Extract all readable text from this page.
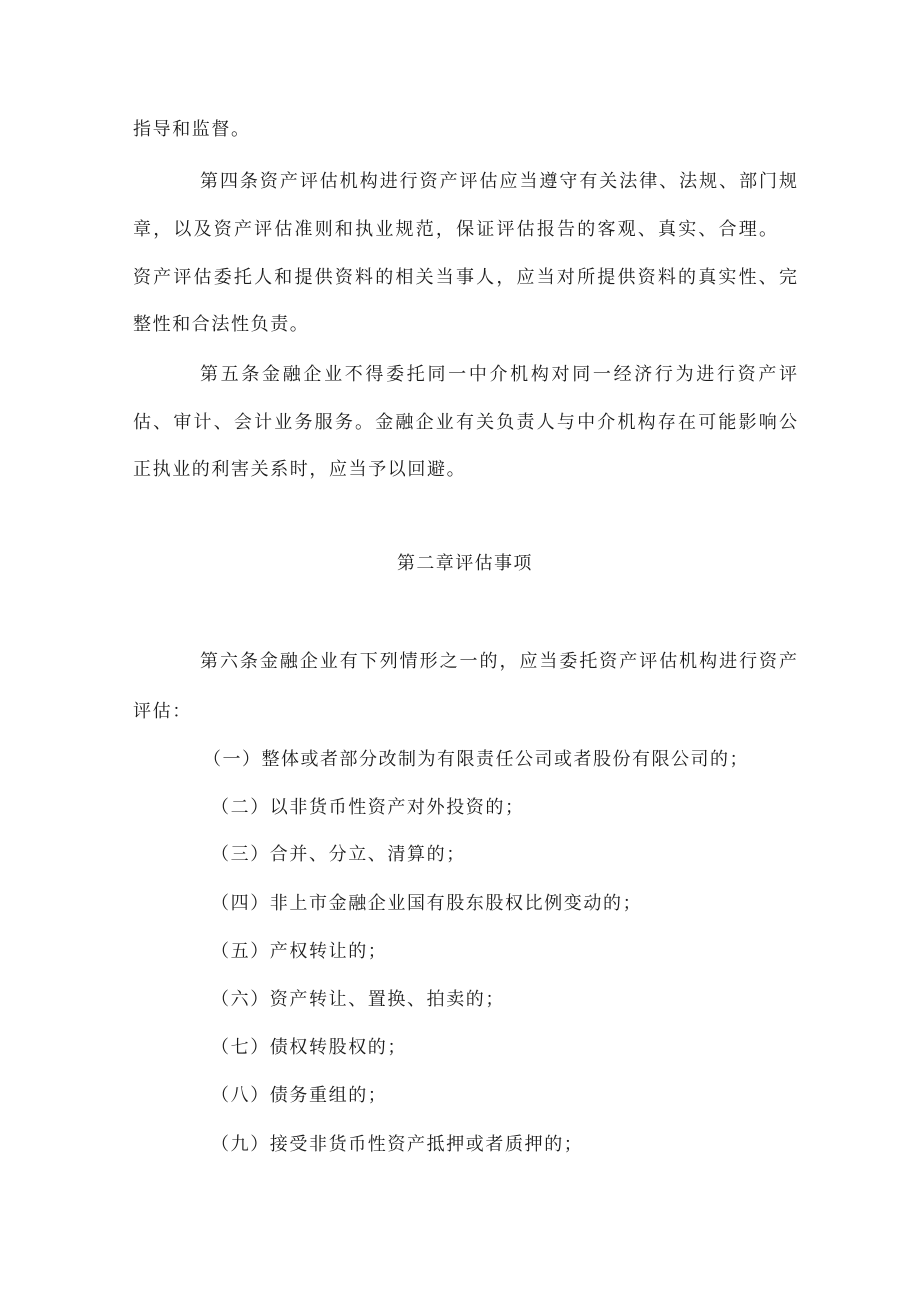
指导和监督。
第四条资产评估机构进行资产评估应当遵守有关法律、法规、部门规
章，以及资产评估准则和执业规范，保证评估报告的客观、真实、合理。
资产评估委托人和提供资料的相关当事人，应当对所提供资料的真实性、完
整性和合法性负责。
第五条金融企业不得委托同一中介机构对同一经济行为进行资产评
估、审计、会计业务服务。金融企业有关负责人与中介机构存在可能影响公
正执业的利害关系时，应当予以回避。
第二章评估事项
第六条金融企业有下列情形之一的，应当委托资产评估机构进行资产
评估：
（一）整体或者部分改制为有限责任公司或者股份有限公司的；
（二）以非货币性资产对外投资的；
（三）合并、分立、清算的；
（四）非上市金融企业国有股东股权比例变动的；
（五）产权转让的；
（六）资产转让、置换、拍卖的；
（七）债权转股权的；
（八）债务重组的；
（九）接受非货币性资产抵押或者质押的；
